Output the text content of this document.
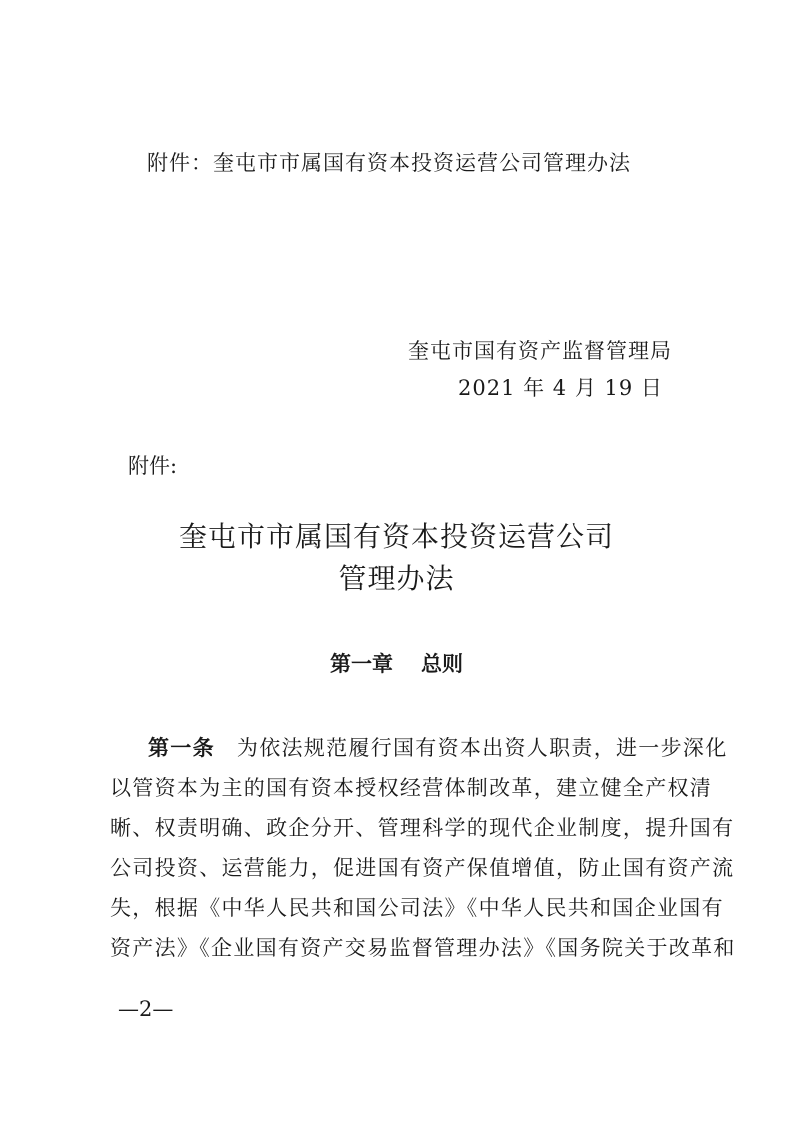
附件：奎屯市市属国有资本投资运营公司管理办法
奎屯市国有资产监督管理局
2021 年 4 月 19 日
附件:
奎屯市市属国有资本投资运营公司
管理办法
第一章 总则
第一条 为依法规范履行国有资本出资人职责，进一步深化
以管资本为主的国有资本授权经营体制改革，建立健全产权清
晰、权责明确、政企分开、管理科学的现代企业制度，提升国有
公司投资、运营能力，促进国有资产保值增值，防止国有资产流
失，根据《中华人民共和国公司法》《中华人民共和国企业国有
资产法》《企业国有资产交易监督管理办法》《国务院关于改革和
—2—
